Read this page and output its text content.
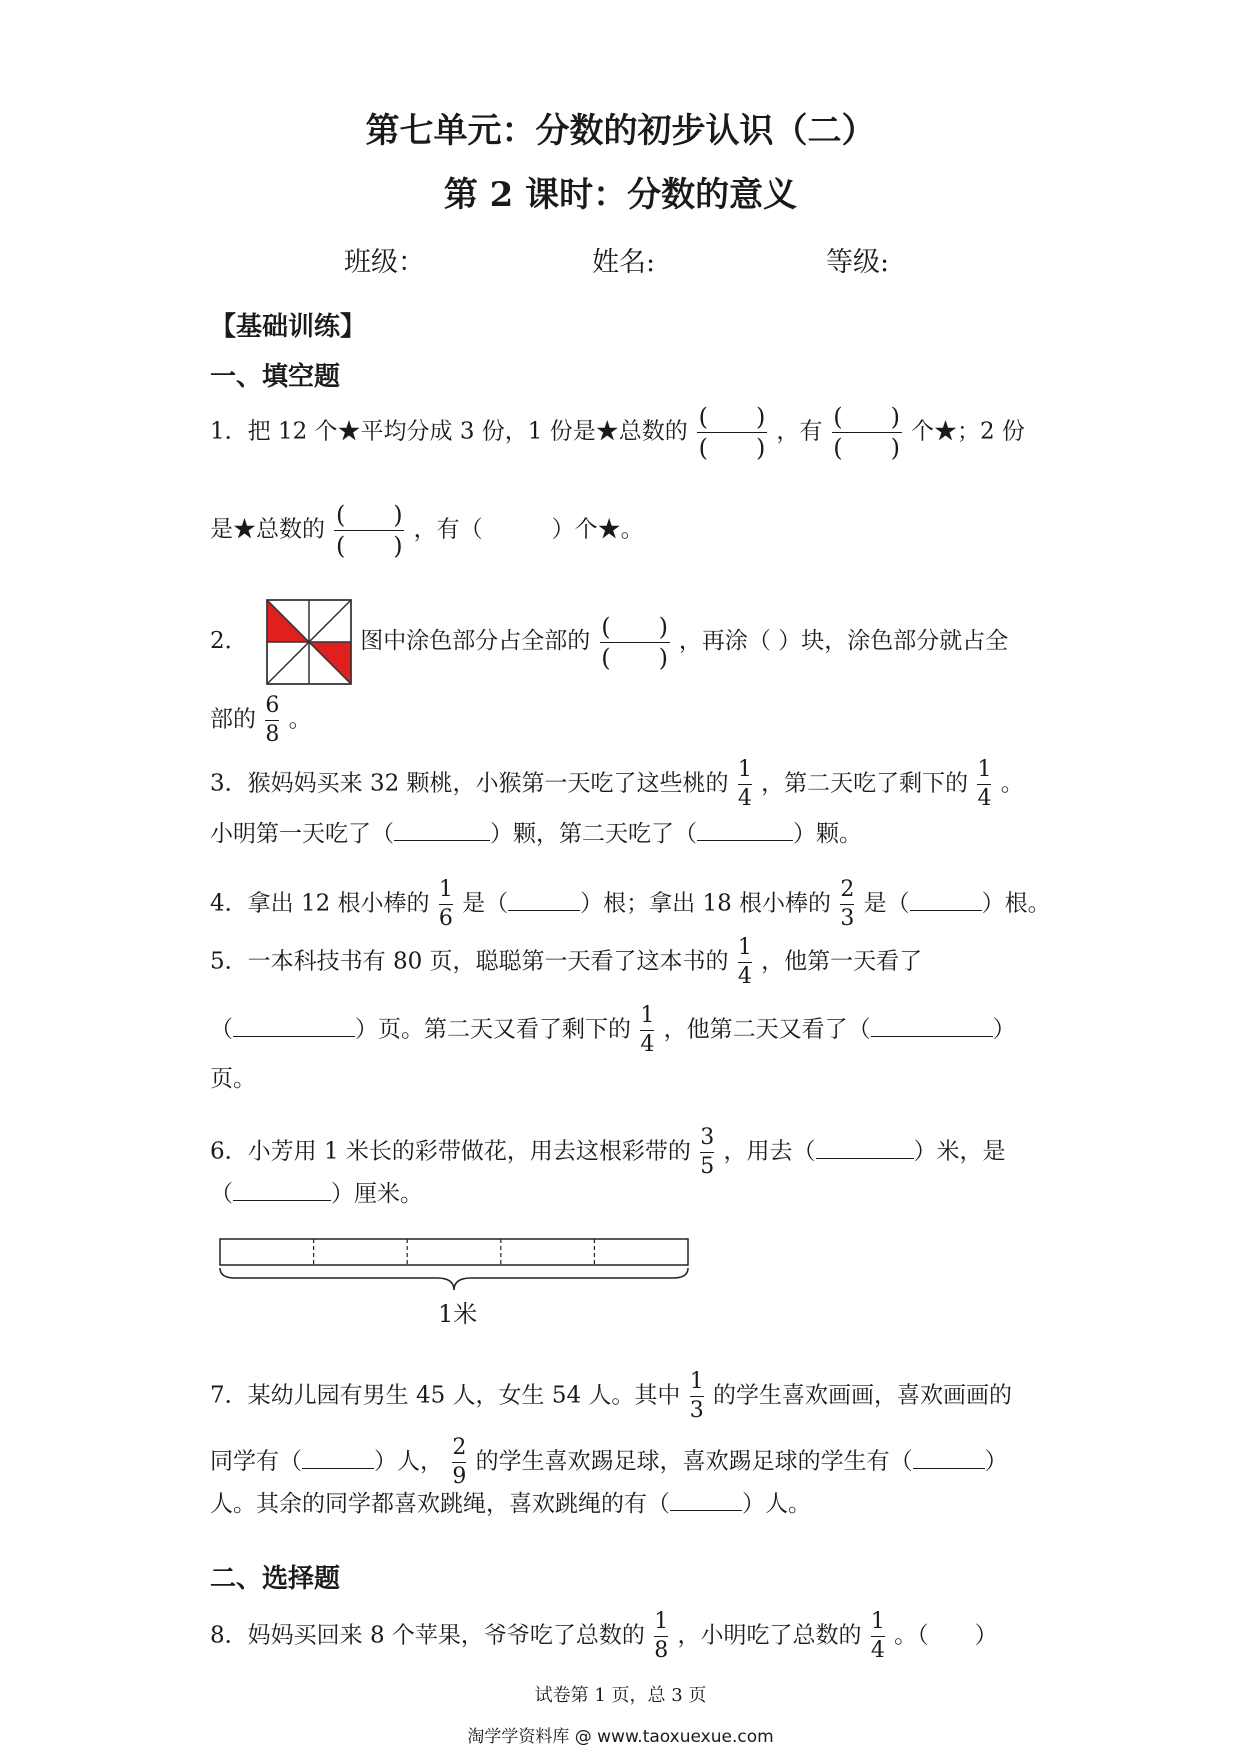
第七单元：分数的初步认识（二）
第 2 课时：分数的意义
班级：	姓名:	等级:
【基础训练】
一、填空题
1．把 12 个★平均分成 3 份，1 份是★总数的
(　　)
(　　)
，有
(　　)
(　　)
个★；2 份
是★总数的
(　　)
(　　)
，有（　　　）个★。
2．	图中涂色部分占全部的
(　　)
(　　)
，再涂（ ）块，涂色部分就占全
部的 $\frac{6}{8}$ 。
3．猴妈妈买来 32 颗桃，小猴第一天吃了这些桃的 $\frac{1}{4}$ ，第二天吃了剩下的 $\frac{1}{4}$ 。
小明第一天吃了（	）颗，第二天吃了（	）颗。
4．拿出 12 根小棒的 $\frac{1}{6}$ 是（	）根；拿出 18 根小棒的 $\frac{2}{3}$ 是（	）根。
5．一本科技书有 80 页，聪聪第一天看了这本书的 $\frac{1}{4}$ ，他第一天看了
（	）页。第二天又看了剩下的 $\frac{1}{4}$ ，他第二天又看了（	）
页。
6．小芳用 1 米长的彩带做花，用去这根彩带的 $\frac{3}{5}$ ，用去（	）米，是
（	）厘米。
1米
7．某幼儿园有男生 45 人，女生 54 人。其中 $\frac{1}{3}$ 的学生喜欢画画，喜欢画画的
同学有（	）人， $\frac{2}{9}$ 的学生喜欢踢足球，喜欢踢足球的学生有（	）
人。其余的同学都喜欢跳绳，喜欢跳绳的有（	）人。
二、选择题
8．妈妈买回来 8 个苹果，爷爷吃了总数的 $\frac{1}{8}$ ，小明吃了总数的 $\frac{1}{4}$ 。（　　）
试卷第 1 页，总 3 页
淘学学资料库 @ www.taoxuexue.com
